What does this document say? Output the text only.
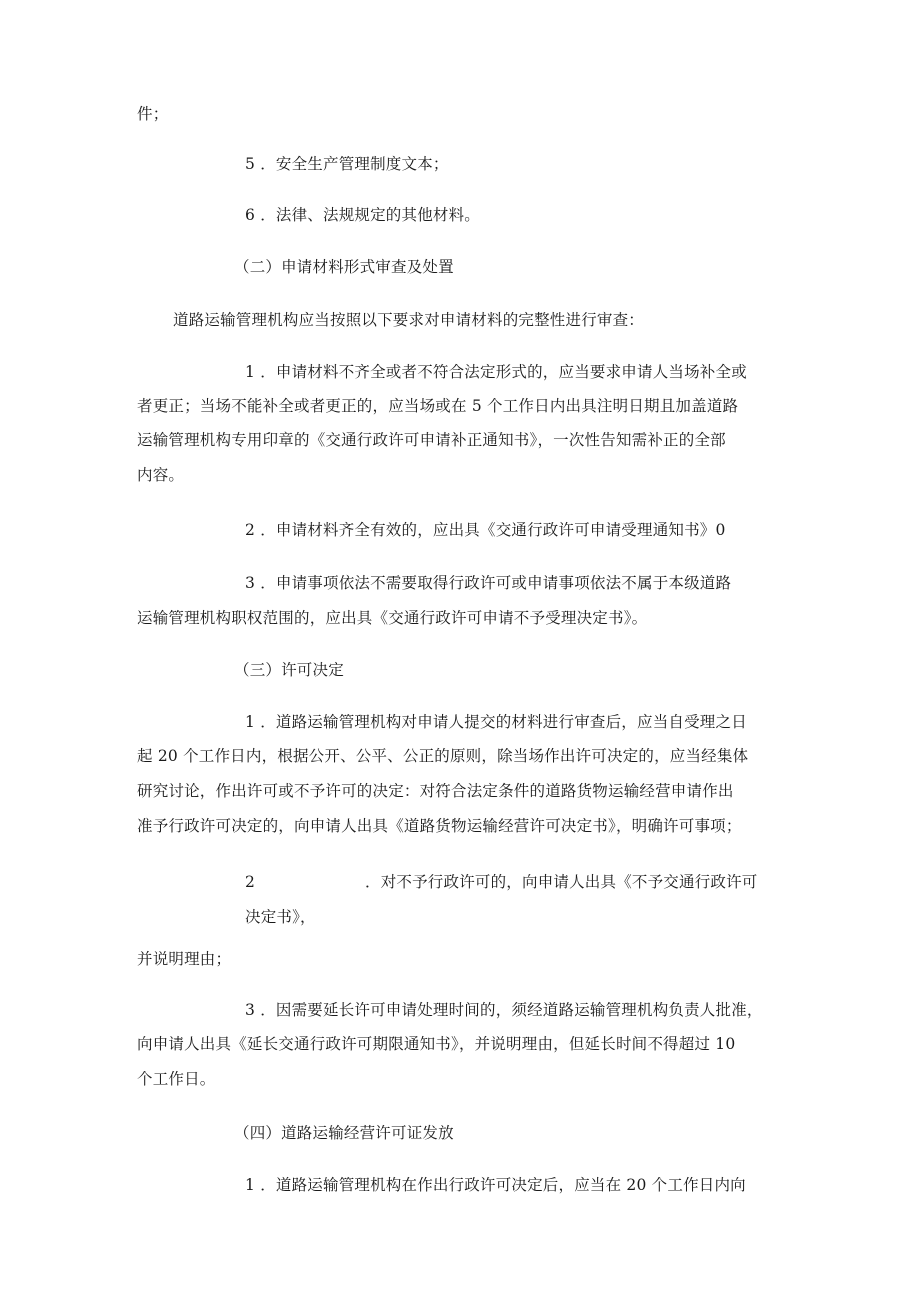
件；
5 ．安全生产管理制度文本；
6 ．法律、法规规定的其他材料。
（二）申请材料形式审查及处置
道路运输管理机构应当按照以下要求对申请材料的完整性进行审查：
1 ．申请材料不齐全或者不符合法定形式的，应当要求申请人当场补全或
者更正；当场不能补全或者更正的，应当场或在 5 个工作日内出具注明日期且加盖道路
运输管理机构专用印章的《交通行政许可申请补正通知书》，一次性告知需补正的全部
内容。
2 ．申请材料齐全有效的，应出具《交通行政许可申请受理通知书》0
3 ．申请事项依法不需要取得行政许可或申请事项依法不属于本级道路
运输管理机构职权范围的，应出具《交通行政许可申请不予受理决定书》。
（三）许可决定
1 ．道路运输管理机构对申请人提交的材料进行审查后，应当自受理之日
起 20 个工作日内，根据公开、公平、公正的原则，除当场作出许可决定的，应当经集体
研究讨论，作出许可或不予许可的决定：对符合法定条件的道路货物运输经营申请作出
准予行政许可决定的，向申请人出具《道路货物运输经营许可决定书》，明确许可事项；
2	．对不予行政许可的，向申请人出具《不予交通行政许可
决定书》，
并说明理由；
3 ．因需要延长许可申请处理时间的，须经道路运输管理机构负责人批准，
向申请人出具《延长交通行政许可期限通知书》，并说明理由，但延长时间不得超过 10
个工作日。
（四）道路运输经营许可证发放
1 ．道路运输管理机构在作出行政许可决定后，应当在 20 个工作日内向
